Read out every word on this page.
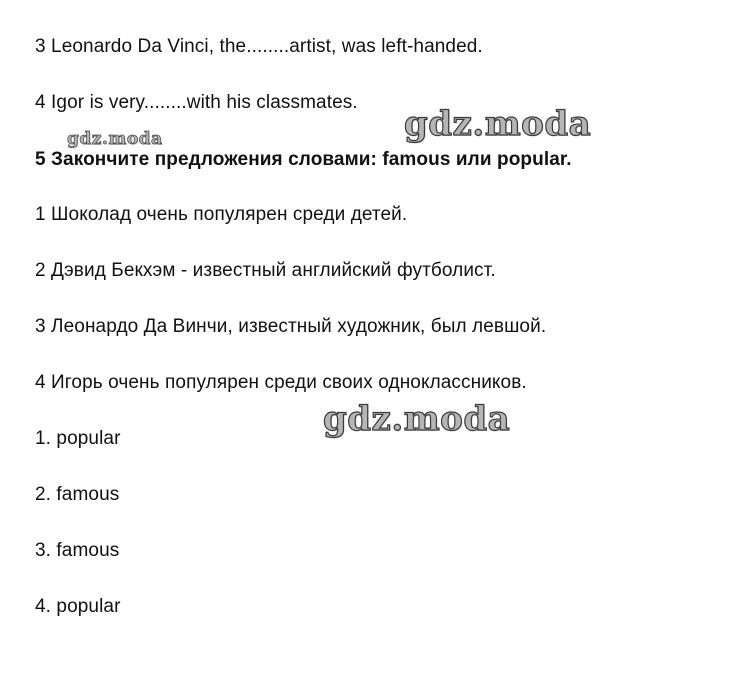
3 Leonardo Da Vinci, the........artist, was left-handed.
4 Igor is very........with his classmates.
gdz.moda	gdz.moda
5 Закончите предложения словами: famous или popular.
1 Шоколад очень популярен среди детей.
2 Дэвид Бекхэм - известный английский футболист.
3 Леонардо Да Винчи, известный художник, был левшой.
4 Игорь очень популярен среди своих одноклассников.
gdz.moda
1. popular
2. famous
3. famous
4. popular
